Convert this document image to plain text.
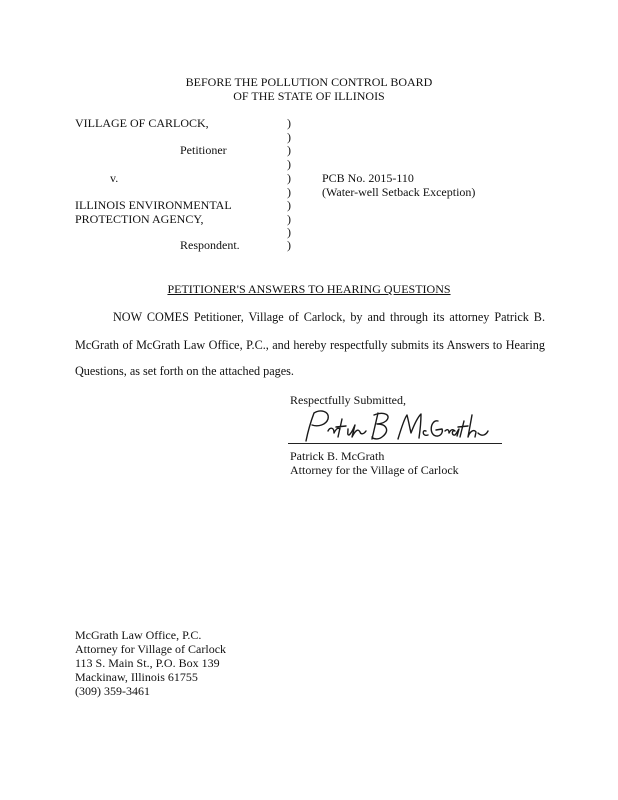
BEFORE THE POLLUTION CONTROL BOARD
OF THE STATE OF ILLINOIS
VILLAGE OF CARLOCK,
Petitioner
v.
ILLINOIS ENVIRONMENTAL
PROTECTION AGENCY,
Respondent.
)
)
)
)
)
)
)
)
)
)
PCB No. 2015-110
(Water-well Setback Exception)
PETITIONER'S ANSWERS TO HEARING QUESTIONS
NOW COMES Petitioner, Village of Carlock, by and through its attorney Patrick B.
McGrath of McGrath Law Office, P.C., and hereby respectfully submits its Answers to Hearing
Questions, as set forth on the attached pages.
Respectfully Submitted,
Patrick B. McGrath
Attorney for the Village of Carlock
McGrath Law Office, P.C.
Attorney for Village of Carlock
113 S. Main St., P.O. Box 139
Mackinaw, Illinois 61755
(309) 359-3461
